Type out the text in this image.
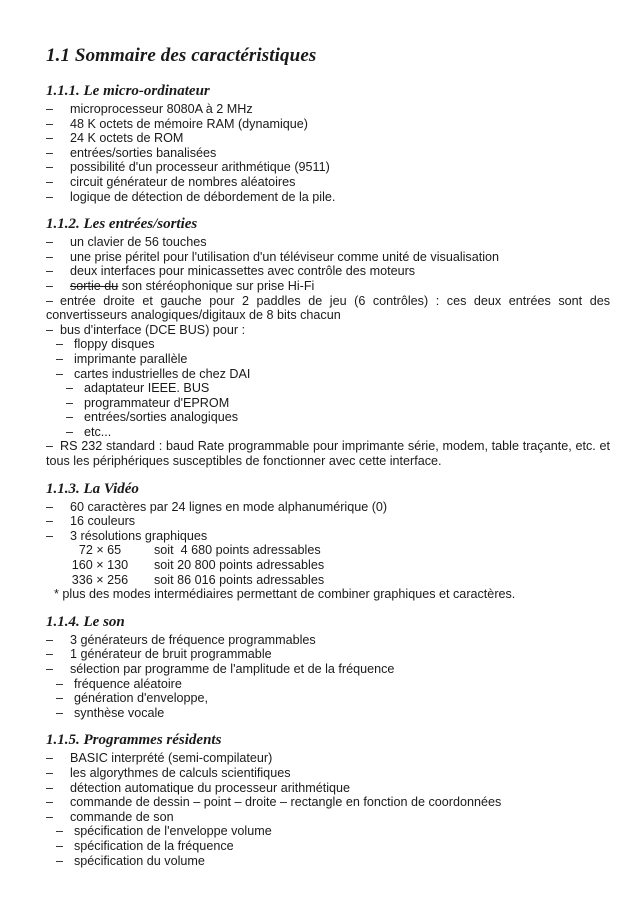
1.1 Sommaire des caractéristiques
1.1.1. Le micro-ordinateur
– microprocesseur 8080A à 2 MHz
– 48 K octets de mémoire RAM (dynamique)
– 24 K octets de ROM
– entrées/sorties banalisées
– possibilité d'un processeur arithmétique (9511)
– circuit générateur de nombres aléatoires
– logique de détection de débordement de la pile.
1.1.2. Les entrées/sorties
– un clavier de 56 touches
– une prise péritel pour l'utilisation d'un téléviseur comme unité de visualisation
– deux interfaces pour minicassettes avec contrôle des moteurs
– sortie du son stéréophonique sur prise Hi-Fi
– entrée droite et gauche pour 2 paddles de jeu (6 contrôles) : ces deux entrées sont des convertisseurs analogiques/digitaux de 8 bits chacun
– bus d'interface (DCE BUS) pour :
– floppy disques
– imprimante parallèle
– cartes industrielles de chez DAI
– adaptateur IEEE. BUS
– programmateur d'EPROM
– entrées/sorties analogiques
– etc...
– RS 232 standard : baud Rate programmable pour imprimante série, modem, table traçante, etc. et tous les périphériques susceptibles de fonctionner avec cette interface.
1.1.3. La Vidéo
– 60 caractères par 24 lignes en mode alphanumérique (0)
– 16 couleurs
– 3 résolutions graphiques
72 × 65	soit  4 680 points adressables
160 × 130 soit 20 800 points adressables
336 × 256 soit 86 016 points adressables
* plus des modes intermédiaires permettant de combiner graphiques et caractères.
1.1.4. Le son
– 3 générateurs de fréquence programmables
– 1 générateur de bruit programmable
– sélection par programme de l'amplitude et de la fréquence
– fréquence aléatoire
– génération d'enveloppe,
– synthèse vocale
1.1.5. Programmes résidents
– BASIC interprété (semi-compilateur)
– les algorythmes de calculs scientifiques
– détection automatique du processeur arithmétique
– commande de dessin – point – droite – rectangle en fonction de coordonnées
– commande de son
– spécification de l'enveloppe volume
– spécification de la fréquence
– spécification du volume
